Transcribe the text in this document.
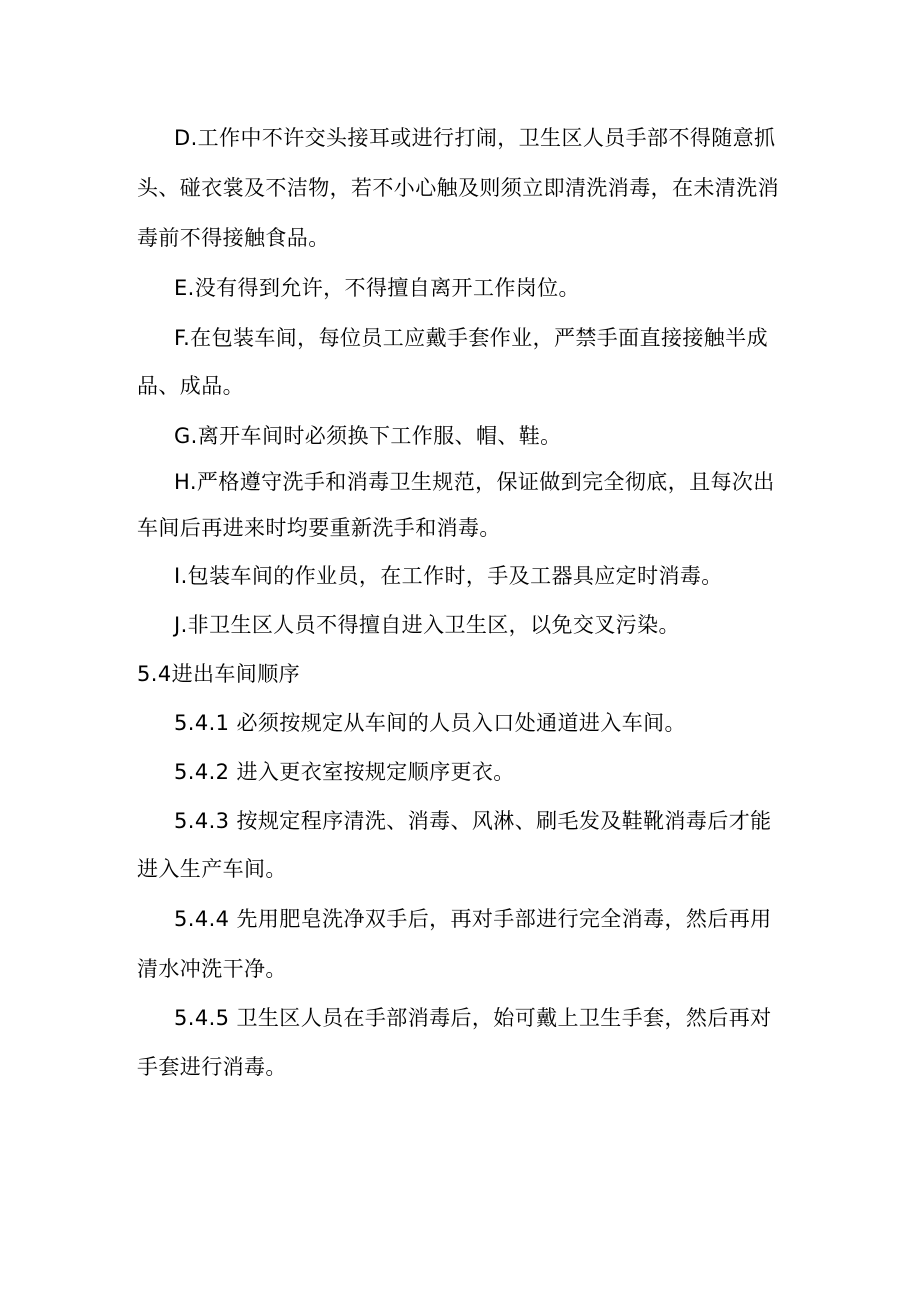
D.工作中不许交头接耳或进行打闹，卫生区人员手部不得随意抓
头、碰衣裳及不洁物，若不小心触及则须立即清洗消毒，在未清洗消
毒前不得接触食品。
E.没有得到允许，不得擅自离开工作岗位。
F.在包装车间，每位员工应戴手套作业，严禁手面直接接触半成
品、成品。
G.离开车间时必须换下工作服、帽、鞋。
H.严格遵守洗手和消毒卫生规范，保证做到完全彻底，且每次出
车间后再进来时均要重新洗手和消毒。
I.包装车间的作业员，在工作时，手及工器具应定时消毒。
J.非卫生区人员不得擅自进入卫生区，以免交叉污染。
5.4进出车间顺序
5.4.1 必须按规定从车间的人员入口处通道进入车间。
5.4.2 进入更衣室按规定顺序更衣。
5.4.3 按规定程序清洗、消毒、风淋、刷毛发及鞋靴消毒后才能
进入生产车间。
5.4.4 先用肥皂洗净双手后，再对手部进行完全消毒，然后再用
清水冲洗干净。
5.4.5 卫生区人员在手部消毒后，始可戴上卫生手套，然后再对
手套进行消毒。
